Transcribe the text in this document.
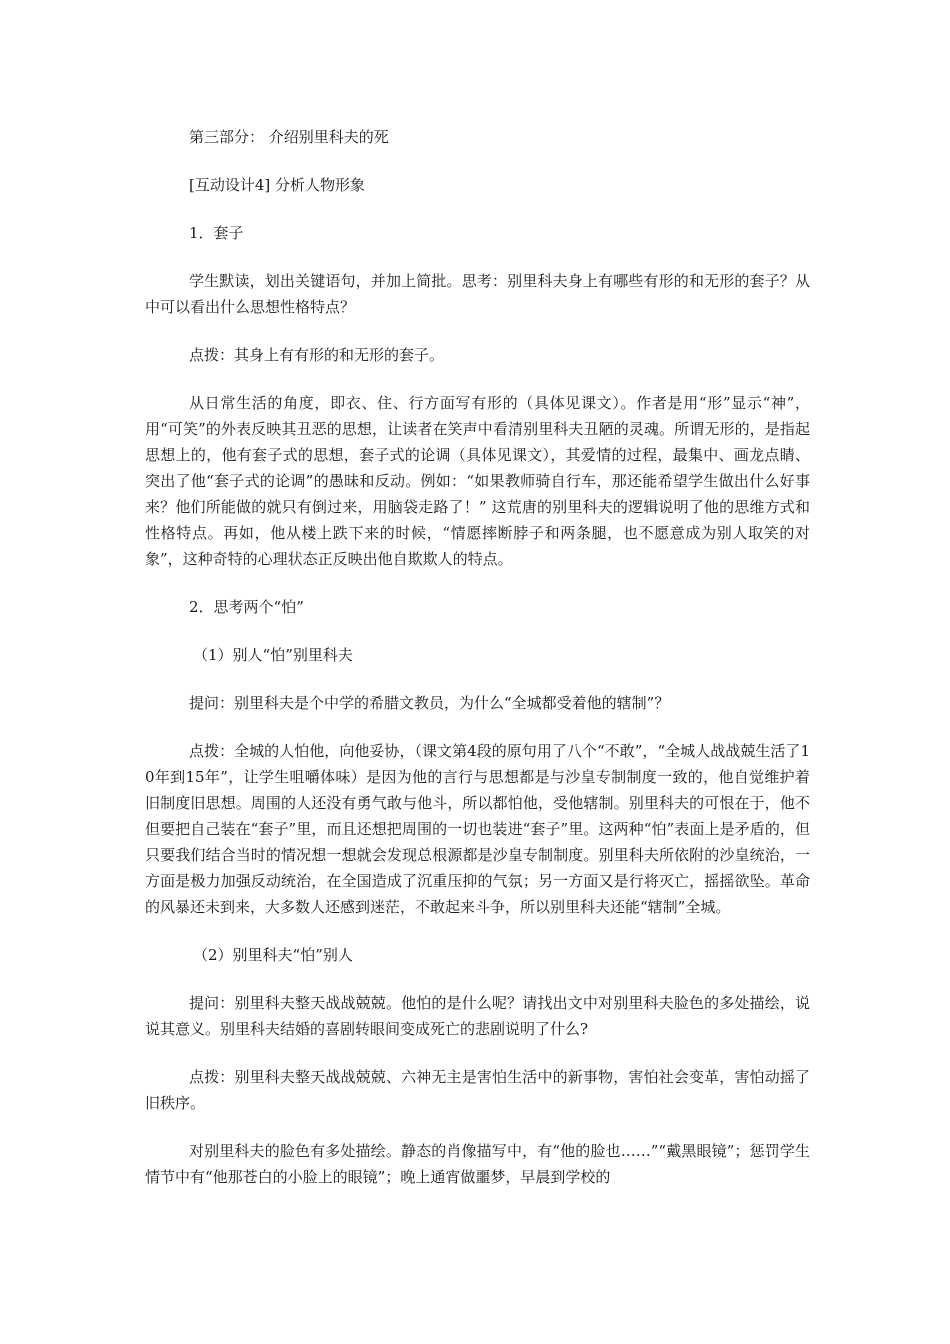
第三部分： 介绍别里科夫的死

[互动设计4] 分析人物形象

1．套子

学生默读，划出关键语句，并加上简批。思考：别里科夫身上有哪些有形的和无形的套子？从中可以看出什么思想性格特点？

点拨：其身上有有形的和无形的套子。

从日常生活的角度，即衣、住、行方面写有形的（具体见课文）。作者是用“形”显示“神”，用“可笑”的外表反映其丑恶的思想，让读者在笑声中看清别里科夫丑陋的灵魂。所谓无形的，是指起思想上的，他有套子式的思想，套子式的论调（具体见课文），其爱情的过程，最集中、画龙点睛、突出了他“套子式的论调”的愚昧和反动。例如：“如果教师骑自行车，那还能希望学生做出什么好事来？他们所能做的就只有倒过来，用脑袋走路了！” 这荒唐的别里科夫的逻辑说明了他的思维方式和性格特点。再如，他从楼上跌下来的时候，“情愿摔断脖子和两条腿，也不愿意成为别人取笑的对象”，这种奇特的心理状态正反映出他自欺欺人的特点。

2．思考两个“怕”

（1）别人“怕”别里科夫

提问：别里科夫是个中学的希腊文教员，为什么“全城都受着他的辖制”？

点拨：全城的人怕他，向他妥协，（课文第4段的原句用了八个“不敢”，“全城人战战兢生活了10年到15年”，让学生咀嚼体味）是因为他的言行与思想都是与沙皇专制制度一致的，他自觉维护着旧制度旧思想。周围的人还没有勇气敢与他斗，所以都怕他，受他辖制。别里科夫的可恨在于，他不但要把自己装在“套子”里，而且还想把周围的一切也装进“套子”里。这两种“怕”表面上是矛盾的，但只要我们结合当时的情况想一想就会发现总根源都是沙皇专制制度。别里科夫所依附的沙皇统治，一方面是极力加强反动统治，在全国造成了沉重压抑的气氛；另一方面又是行将灭亡，摇摇欲坠。革命的风暴还未到来，大多数人还感到迷茫，不敢起来斗争，所以别里科夫还能“辖制”全城。

（2）别里科夫“怕”别人

提问：别里科夫整天战战兢兢。他怕的是什么呢？请找出文中对别里科夫脸色的多处描绘，说说其意义。别里科夫结婚的喜剧转眼间变成死亡的悲剧说明了什么?

点拨：别里科夫整天战战兢兢、六神无主是害怕生活中的新事物，害怕社会变革，害怕动摇了旧秩序。

对别里科夫的脸色有多处描绘。静态的肖像描写中，有“他的脸也……”“戴黑眼镜”；惩罚学生情节中有“他那苍白的小脸上的眼镜”；晚上通宵做噩梦，早晨到学校的
